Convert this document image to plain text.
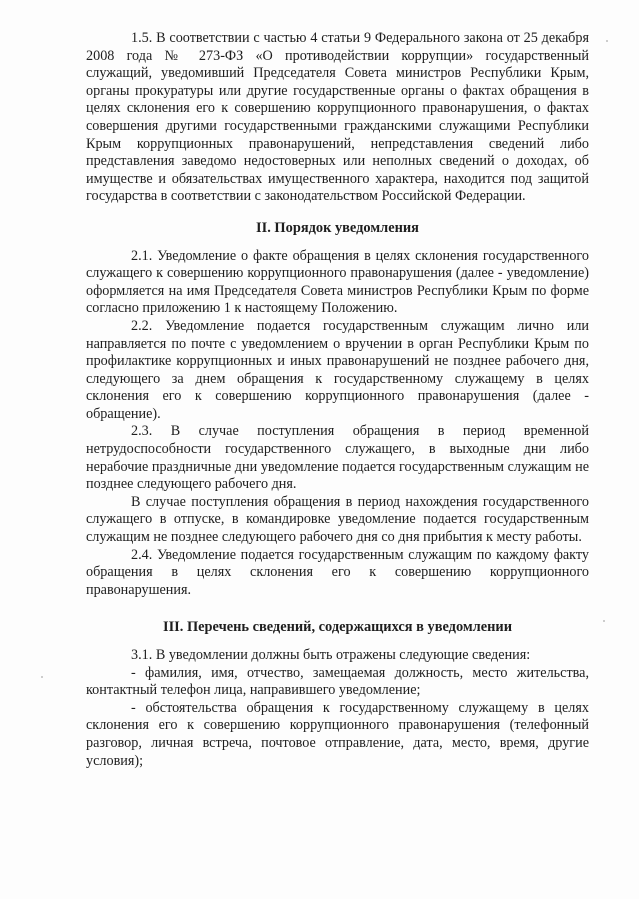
1.5. В соответствии с частью 4 статьи 9 Федерального закона от 25 декабря 2008 года № 273-ФЗ «О противодействии коррупции» государственный служащий, уведомивший Председателя Совета министров Республики Крым, органы прокуратуры или другие государственные органы о фактах обращения в целях склонения его к совершению коррупционного правонарушения, о фактах совершения другими государственными гражданскими служащими Республики Крым коррупционных правонарушений, непредставления сведений либо представления заведомо недостоверных или неполных сведений о доходах, об имуществе и обязательствах имущественного характера, находится под защитой государства в соответствии с законодательством Российской Федерации.

II. Порядок уведомления

2.1. Уведомление о факте обращения в целях склонения государственного служащего к совершению коррупционного правонарушения (далее - уведомление) оформляется на имя Председателя Совета министров Республики Крым по форме согласно приложению 1 к настоящему Положению.

2.2. Уведомление подается государственным служащим лично или направляется по почте с уведомлением о вручении в орган Республики Крым по профилактике коррупционных и иных правонарушений не позднее рабочего дня, следующего за днем обращения к государственному служащему в целях склонения его к совершению коррупционного правонарушения (далее - обращение).

2.3. В случае поступления обращения в период временной нетрудоспособности государственного служащего, в выходные дни либо нерабочие праздничные дни уведомление подается государственным служащим не позднее следующего рабочего дня.

В случае поступления обращения в период нахождения государственного служащего в отпуске, в командировке уведомление подается государственным служащим не позднее следующего рабочего дня со дня прибытия к месту работы.

2.4. Уведомление подается государственным служащим по каждому факту обращения в целях склонения его к совершению коррупционного правонарушения.

III. Перечень сведений, содержащихся в уведомлении

3.1. В уведомлении должны быть отражены следующие сведения:

- фамилия, имя, отчество, замещаемая должность, место жительства, контактный телефон лица, направившего уведомление;

- обстоятельства обращения к государственному служащему в целях склонения его к совершению коррупционного правонарушения (телефонный разговор, личная встреча, почтовое отправление, дата, место, время, другие условия);
